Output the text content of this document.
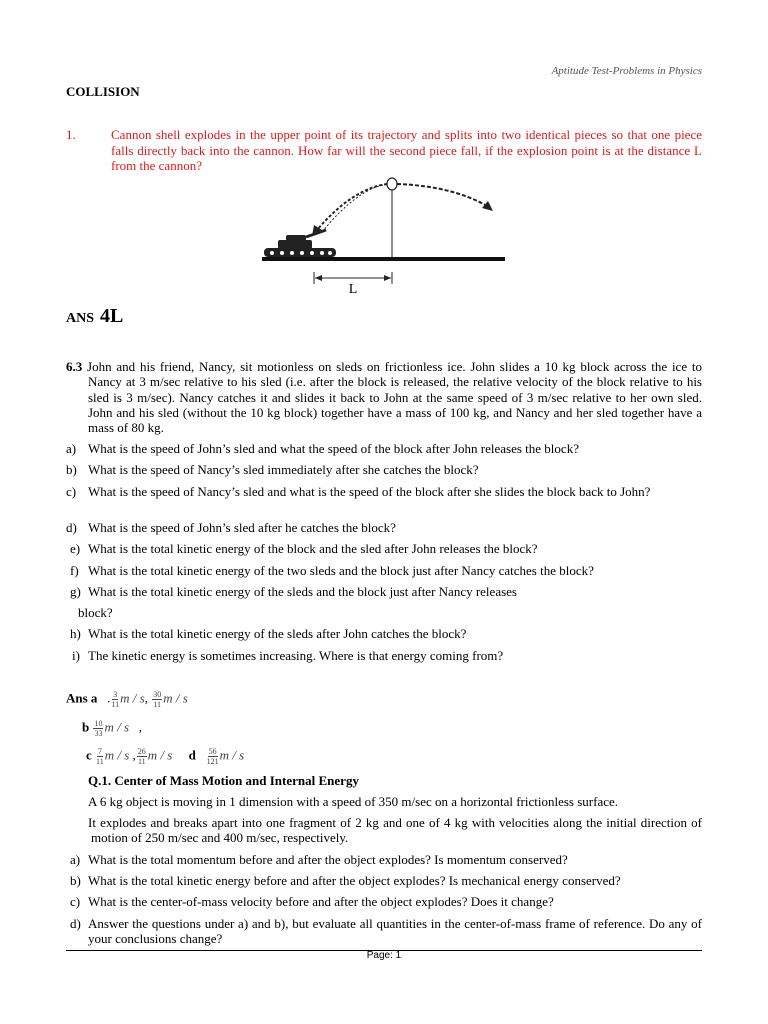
Aptitude Test-Problems in Physics
COLLISION
1.	Cannon shell explodes in the upper point of its trajectory and splits into two identical pieces so that one piece falls directly back into the cannon. How far will the second piece fall, if the explosion point is at the distance L from the cannon?
L
ANS 4L
6.3 John and his friend, Nancy, sit motionless on sleds on frictionless ice. John slides a 10 kg block across the ice to Nancy at 3 m/sec relative to his sled (i.e. after the block is released, the relative velocity of the block relative to his sled is 3 m/sec). Nancy catches it and slides it back to John at the same speed of 3 m/sec relative to her own sled. John and his sled (without the 10 kg block) together have a mass of 100 kg, and Nancy and her sled together have a mass of 80 kg.
a) What is the speed of John’s sled and what the speed of the block after John releases the block?
b) What is the speed of Nancy’s sled immediately after she catches the block?
c) What is the speed of Nancy’s sled and what is the speed of the block after she slides the block back to John?
d) What is the speed of John’s sled after he catches the block?
e) What is the total kinetic energy of the block and the sled after John releases the block?
f) What is the total kinetic energy of the two sleds and the block just after Nancy catches the block?
g) What is the total kinetic energy of the sleds and the block just after Nancy releases
block?
h) What is the total kinetic energy of the sleds after John catches the block?
i) The kinetic energy is sometimes increasing. Where is that energy coming from?
Ans a   . $\frac{3}{11}$ m / s, $\frac{30}{11}$ m / s
b $\frac{10}{33}$ m / s   ,
c $\frac{7}{11}$ m / s , $\frac{26}{11}$ m / s d $\frac{56}{121}$ m / s
Q.1. Center of Mass Motion and Internal Energy
A 6 kg object is moving in 1 dimension with a speed of 350 m/sec on a horizontal frictionless surface.
It explodes and breaks apart into one fragment of 2 kg and one of 4 kg with velocities along the initial direction of motion of 250 m/sec and 400 m/sec, respectively.
a) What is the total momentum before and after the object explodes? Is momentum conserved?
b) What is the total kinetic energy before and after the object explodes? Is mechanical energy conserved?
c) What is the center-of-mass velocity before and after the object explodes? Does it change?
d) Answer the questions under a) and b), but evaluate all quantities in the center-of-mass frame of reference. Do any of your conclusions change?
Page: 1
